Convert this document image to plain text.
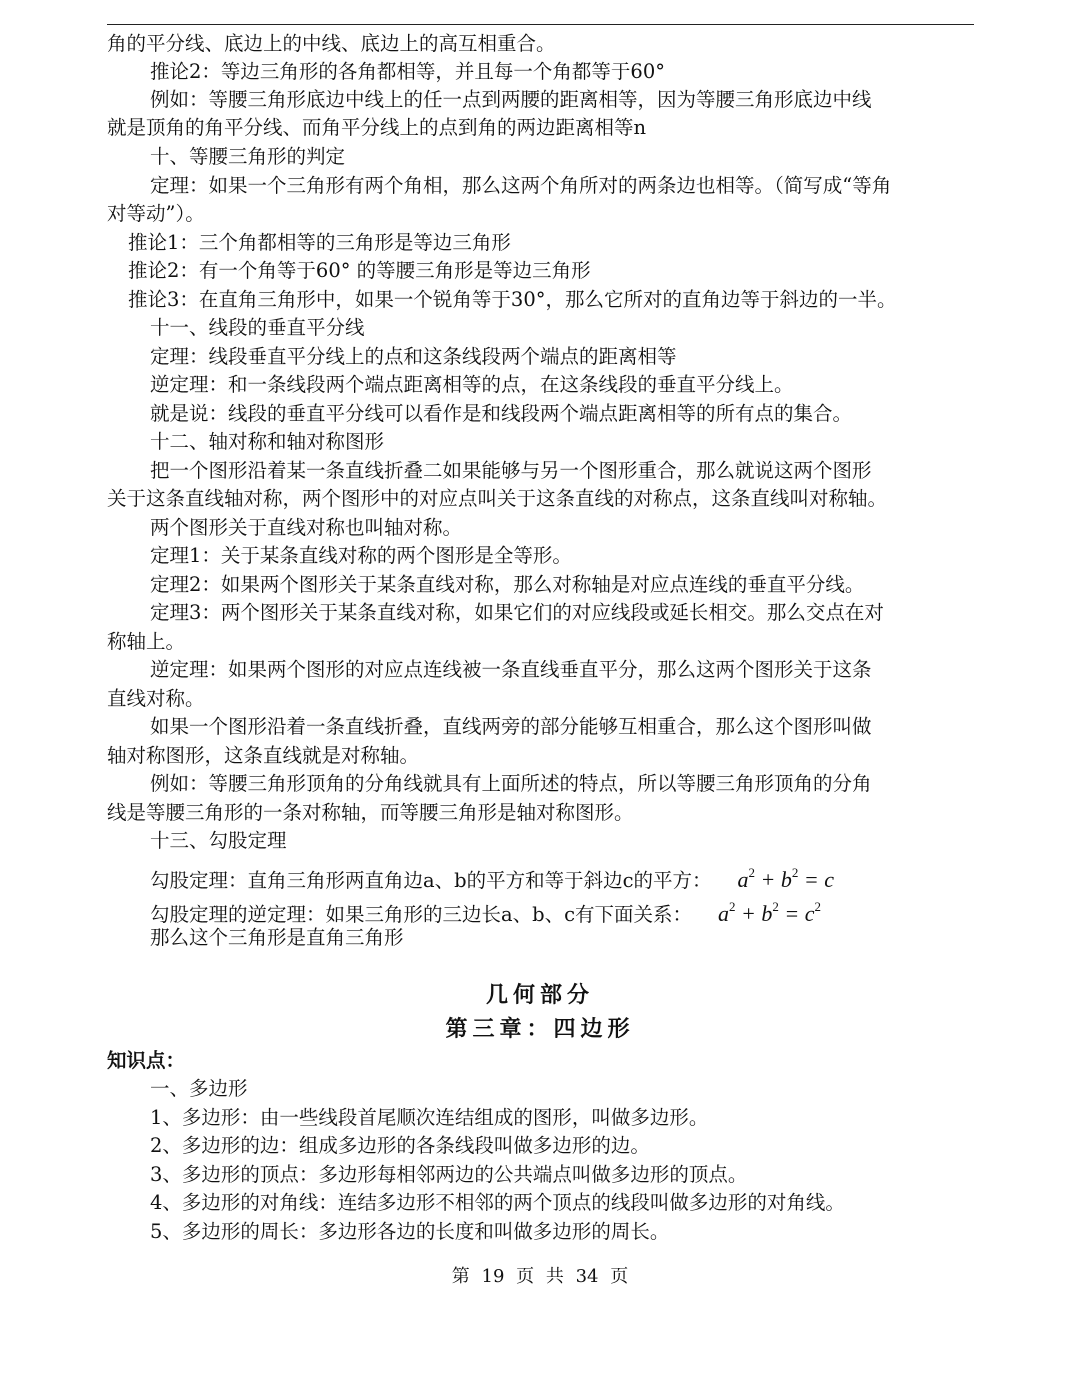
角的平分线、底边上的中线、底边上的高互相重合。
推论2：等边三角形的各角都相等，并且每一个角都等于60°
例如：等腰三角形底边中线上的任一点到两腰的距离相等，因为等腰三角形底边中线
就是顶角的角平分线、而角平分线上的点到角的两边距离相等n
十、等腰三角形的判定
定理：如果一个三角形有两个角相，那么这两个角所对的两条边也相等。（简写成“等角
对等动”）。
推论1：三个角都相等的三角形是等边三角形
推论2：有一个角等于60° 的等腰三角形是等边三角形
推论3：在直角三角形中，如果一个锐角等于30°，那么它所对的直角边等于斜边的一半。
十一、线段的垂直平分线
定理：线段垂直平分线上的点和这条线段两个端点的距离相等
逆定理：和一条线段两个端点距离相等的点，在这条线段的垂直平分线上。
就是说：线段的垂直平分线可以看作是和线段两个端点距离相等的所有点的集合。
十二、轴对称和轴对称图形
把一个图形沿着某一条直线折叠二如果能够与另一个图形重合，那么就说这两个图形
关于这条直线轴对称，两个图形中的对应点叫关于这条直线的对称点，这条直线叫对称轴。
两个图形关于直线对称也叫轴对称。
定理1：关于某条直线对称的两个图形是全等形。
定理2：如果两个图形关于某条直线对称，那么对称轴是对应点连线的垂直平分线。
定理3：两个图形关于某条直线对称，如果它们的对应线段或延长相交。那么交点在对
称轴上。
逆定理：如果两个图形的对应点连线被一条直线垂直平分，那么这两个图形关于这条
直线对称。
如果一个图形沿着一条直线折叠，直线两旁的部分能够互相重合，那么这个图形叫做
轴对称图形，这条直线就是对称轴。
例如：等腰三角形顶角的分角线就具有上面所述的特点，所以等腰三角形顶角的分角
线是等腰三角形的一条对称轴，而等腰三角形是轴对称图形。
十三、勾股定理
勾股定理：直角三角形两直角边a、b的平方和等于斜边c的平方： $a^2 + b^2 = c$
勾股定理的逆定理：如果三角形的三边长a、b、c有下面关系： $a^2 + b^2 = c^2$
那么这个三角形是直角三角形
几何部分
第三章：四边形
知识点：
一、多边形
1、多边形：由一些线段首尾顺次连结组成的图形，叫做多边形。
2、多边形的边：组成多边形的各条线段叫做多边形的边。
3、多边形的顶点：多边形每相邻两边的公共端点叫做多边形的顶点。
4、多边形的对角线：连结多边形不相邻的两个顶点的线段叫做多边形的对角线。
5、多边形的周长：多边形各边的长度和叫做多边形的周长。
第 19 页 共 34 页
